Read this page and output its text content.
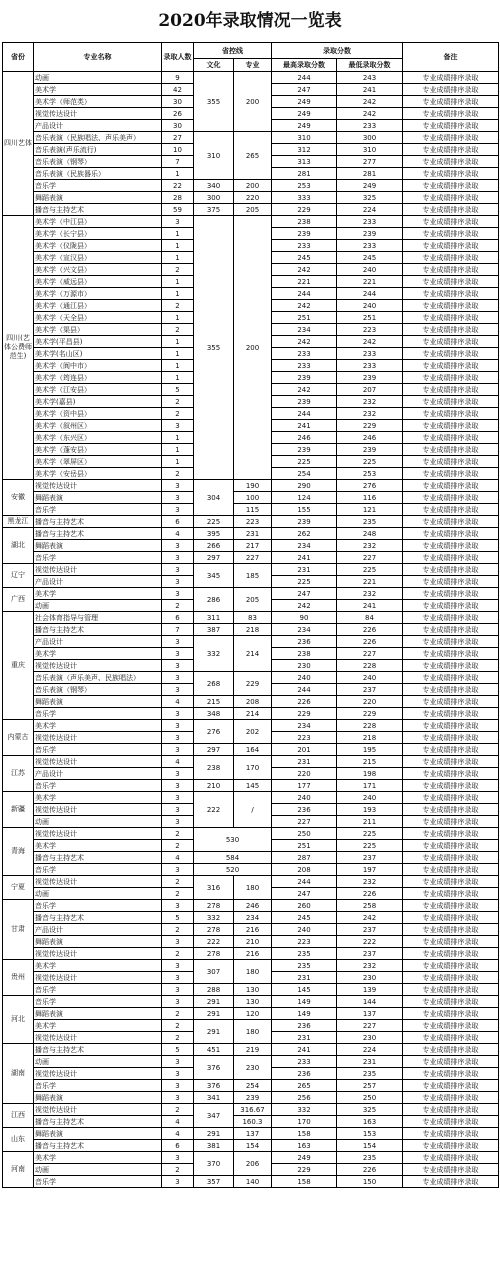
2020年录取情况一览表
省份	专业名称	录取人数	省控线		录取分数		备注
			文化	专业	最高录取分数	最低录取分数	
四川艺体	动画	9	355	200	244	243	专业成绩排序录取
	美术学	42			247	241	专业成绩排序录取
	美术学（师范类）	30			249	242	专业成绩排序录取
	视觉传达设计	26			249	242	专业成绩排序录取
	产品设计	30			249	233	专业成绩排序录取
	音乐表演（民族唱法、声乐美声）	27	310	265	310	300	专业成绩排序录取
	音乐表演(声乐流行)	10			312	310	专业成绩排序录取
	音乐表演（钢琴）	7			313	277	专业成绩排序录取
	音乐表演（民族器乐）	1			281	281	专业成绩排序录取
	音乐学	22	340	200	253	249	专业成绩排序录取
	舞蹈表演	28	300	220	333	325	专业成绩排序录取
	播音与主持艺术	59	375	205	229	224	专业成绩排序录取
四川(艺体公费师范生)	美术学（中江县）	3	355	200	238	233	专业成绩排序录取
	美术学（长宁县）	1			239	239	专业成绩排序录取
	美术学（仪陇县）	1			233	233	专业成绩排序录取
	美术学（宣汉县）	1			245	245	专业成绩排序录取
	美术学（兴文县）	2			242	240	专业成绩排序录取
	美术学（威远县）	1			221	221	专业成绩排序录取
	美术学（万源市）	1			244	244	专业成绩排序录取
	美术学（通江县）	2			242	240	专业成绩排序录取
	美术学（天全县）	1			251	251	专业成绩排序录取
	美术学（渠县）	2			234	223	专业成绩排序录取
	美术学(平昌县)	1			242	242	专业成绩排序录取
	美术学(名山区)	1			233	233	专业成绩排序录取
	美术学（阆中市）	1			233	233	专业成绩排序录取
	美术学（筠连县）	1			239	239	专业成绩排序录取
	美术学（江安县）	5			242	207	专业成绩排序录取
	美术学(嘉县)	2			239	232	专业成绩排序录取
	美术学（资中县）	2			244	232	专业成绩排序录取
	美术学（叙州区）	3			241	229	专业成绩排序录取
	美术学（东兴区）	1			246	246	专业成绩排序录取
	美术学（蓬安县）	1			239	239	专业成绩排序录取
	美术学（翠屏区）	1			225	225	专业成绩排序录取
	美术学（安岳县）	2			254	253	专业成绩排序录取
安徽	视觉传达设计	3	304	190	290	276	专业成绩排序录取
	舞蹈表演	3		100	124	116	专业成绩排序录取
	音乐学	3		115	155	121	专业成绩排序录取
黑龙江	播音与主持艺术	6	225	223	239	235	专业成绩排序录取
湖北	播音与主持艺术	4	395	231	262	248	专业成绩排序录取
	舞蹈表演	3	266	217	234	232	专业成绩排序录取
	音乐学	3	297	227	241	227	专业成绩排序录取
辽宁	视觉传达设计	3	345	185	231	225	专业成绩排序录取
	产品设计	3			225	221	专业成绩排序录取
广西	美术学	3	286	205	247	232	专业成绩排序录取
	动画	2			242	241	专业成绩排序录取
重庆	社会体育指导与管理	6	311	83	90	84	专业成绩排序录取
	播音与主持艺术	7	387	218	234	226	专业成绩排序录取
	产品设计	3	332	214	236	226	专业成绩排序录取
	美术学	3			238	227	专业成绩排序录取
	视觉传达设计	3			230	228	专业成绩排序录取
	音乐表演（声乐美声、民族唱法）	3	268	229	240	240	专业成绩排序录取
	音乐表演（钢琴）	3			244	237	专业成绩排序录取
	舞蹈表演	4	215	208	226	220	专业成绩排序录取
	音乐学	3	348	214	229	229	专业成绩排序录取
内蒙古	美术学	3	276	202	234	228	专业成绩排序录取
	视觉传达设计	3			223	218	专业成绩排序录取
	音乐学	3	297	164	201	195	专业成绩排序录取
江苏	视觉传达设计	4	238	170	231	215	专业成绩排序录取
	产品设计	3			220	198	专业成绩排序录取
	音乐学	3	210	145	177	171	专业成绩排序录取
新疆	美术学	3	222	/	240	240	专业成绩排序录取
	视觉传达设计	3			236	193	专业成绩排序录取
	动画	3			227	211	专业成绩排序录取
青海	视觉传达设计	2	530		250	225	专业成绩排序录取
	美术学	2			251	225	专业成绩排序录取
	播音与主持艺术	4	584		287	237	专业成绩排序录取
	音乐学	3	520		208	197	专业成绩排序录取
宁夏	视觉传达设计	2	316	180	244	232	专业成绩排序录取
	动画	2			247	226	专业成绩排序录取
甘肃	音乐学	3	278	246	260	258	专业成绩排序录取
	播音与主持艺术	5	332	234	245	242	专业成绩排序录取
	产品设计	2	278	216	240	237	专业成绩排序录取
	舞蹈表演	3	222	210	223	222	专业成绩排序录取
	视觉传达设计	2	278	216	235	237	专业成绩排序录取
贵州	美术学	3	307	180	235	232	专业成绩排序录取
	视觉传达设计	3			231	230	专业成绩排序录取
	音乐学	3	288	130	145	139	专业成绩排序录取
河北	音乐学	3	291	130	149	144	专业成绩排序录取
	舞蹈表演	2	291	120	149	137	专业成绩排序录取
	美术学	2	291	180	236	227	专业成绩排序录取
	视觉传达设计	2			231	230	专业成绩排序录取
湖南	播音与主持艺术	5	451	219	241	224	专业成绩排序录取
	动画	3	376	230	233	231	专业成绩排序录取
	视觉传达设计	3			236	235	专业成绩排序录取
	音乐学	3	376	254	265	257	专业成绩排序录取
	舞蹈表演	3	341	239	256	250	专业成绩排序录取
江西	视觉传达设计	2	347	316.67	332	325	专业成绩排序录取
	播音与主持艺术	4		160.3	170	163	专业成绩排序录取
山东	舞蹈表演	4	291	137	158	153	专业成绩排序录取
	播音与主持艺术	6	381	154	163	154	专业成绩排序录取
河南	美术学	3	370	206	249	235	专业成绩排序录取
	动画	2			229	226	专业成绩排序录取
	音乐学	3	357	140	158	150	专业成绩排序录取
